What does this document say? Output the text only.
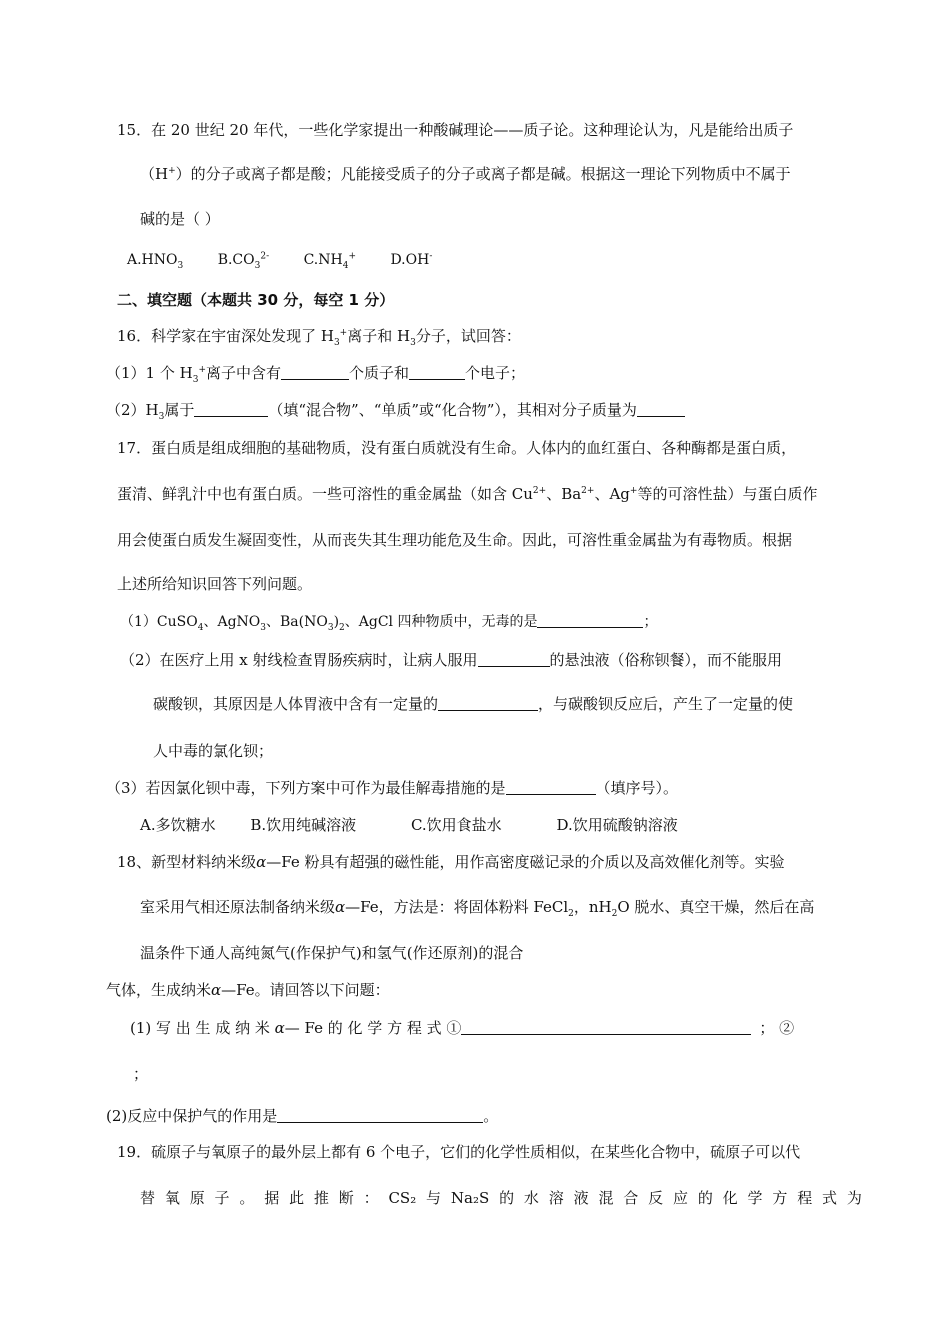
15．在 20 世纪 20 年代，一些化学家提出一种酸碱理论——质子论。这种理论认为，凡是能给出质子
（H+）的分子或离子都是酸；凡能接受质子的分子或离子都是碱。根据这一理论下列物质中不属于
碱的是（ ）
$A.HNO_3$ $B.CO_3^{2-}$ $C.NH_4^+$ D.OH-
二、填空题（本题共 30 分，每空 1 分）
16．科学家在宇宙深处发现了 $H_3^+$离子和 $H_3$分子，试回答：
（1）1 个 $H_3^+$离子中含有	个质子和	个电子；
$(2)H_3$属于	（填“混合物”、“单质”或“化合物”），其相对分子质量为
17．蛋白质是组成细胞的基础物质，没有蛋白质就没有生命。人体内的血红蛋白、各种酶都是蛋白质，
蛋清、鲜乳汁中也有蛋白质。一些可溶性的重金属盐（如含 $Cu^{2+}$、$Ba^{2+}$、Ag+等的可溶性盐）与蛋白质作
用会使蛋白质发生凝固变性，从而丧失其生理功能危及生命。因此，可溶性重金属盐为有毒物质。根据
上述所给知识回答下列问题。
（1）CuSO$_4$、AgNO$_3$、$Ba(NO_3)_2$、AgCl 四种物质中，无毒的是	；
（2）在医疗上用 x 射线检查胃肠疾病时，让病人服用	的悬浊液（俗称钡餐），而不能服用
碳酸钡，其原因是人体胃液中含有一定量的	，与碳酸钡反应后，产生了一定量的使
人中毒的氯化钡；
（3）若因氯化钡中毒，下列方案中可作为最佳解毒措施的是	（填序号）。
A.多饮糖水 B.饮用纯碱溶液	C.饮用食盐水	D.饮用硫酸钠溶液
18、新型材料纳米级α—Fe 粉具有超强的磁性能，用作高密度磁记录的介质以及高效催化剂等。实验
室采用气相还原法制备纳米级α—Fe，方法是：将固体粉料 FeCl$_2$，$nH_2O$ 脱水、真空干燥，然后在高
温条件下通人高纯氮气(作保护气)和氢气(作还原剂)的混合
气体，生成纳米α—Fe。请回答以下问题：
(1) 写 出 生 成 纳 米 α— Fe 的 化 学 方 程 式 ①	； ②
；
(2)反应中保护气的作用是	。
19．硫原子与氧原子的最外层上都有 6 个电子，它们的化学性质相似，在某些化合物中，硫原子可以代
替 氧 原 子 。 据 此 推 断 ： CS₂ 与 Na₂S 的 水 溶 液 混 合 反 应 的 化 学 方 程 式 为
